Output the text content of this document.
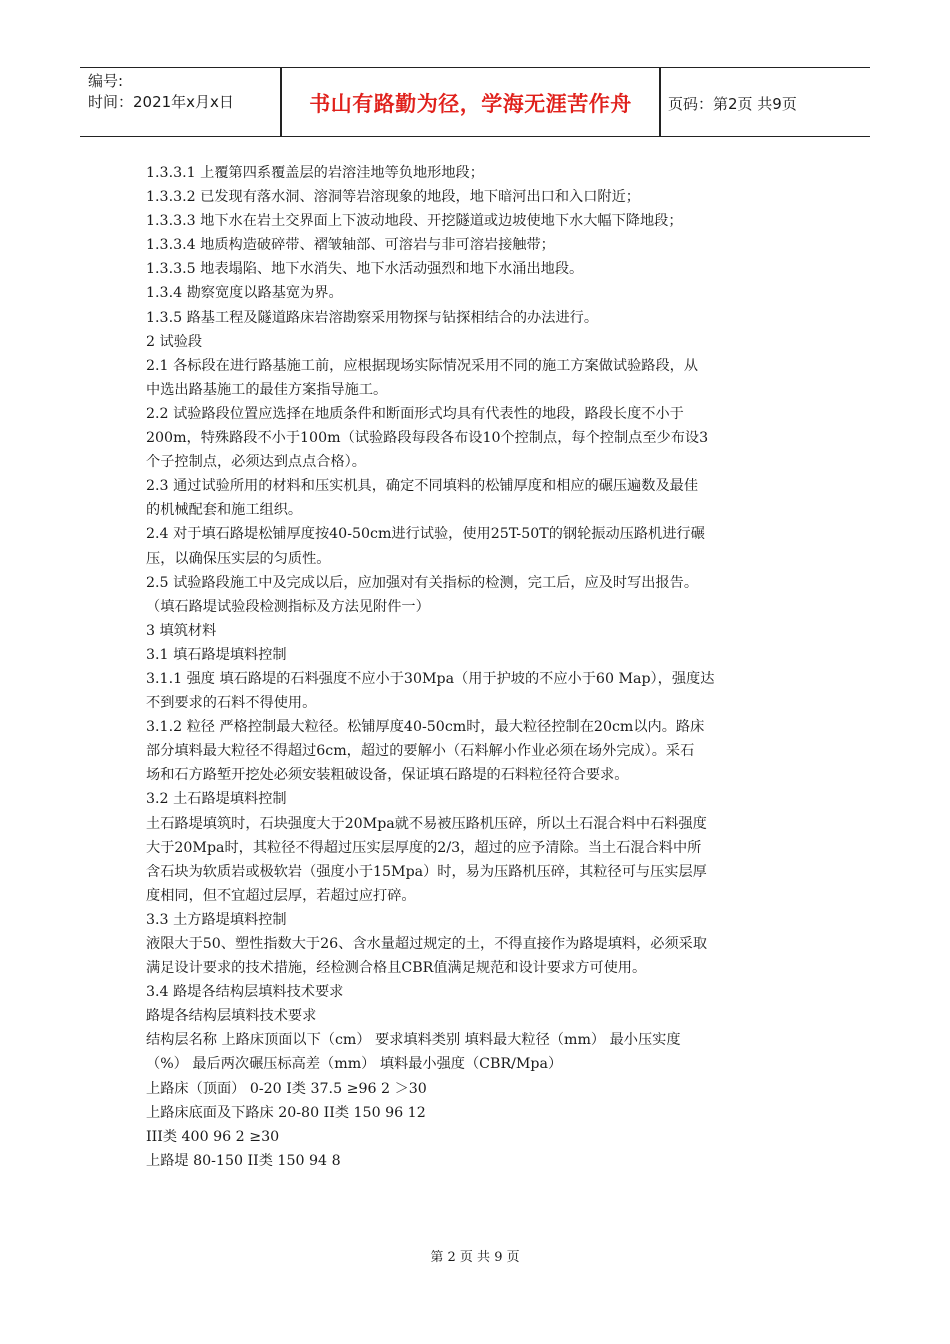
编号:
时间：2021年x月x日	书山有路勤为径，学海无涯苦作舟	页码：第2页 共9页

1.3.3.1 上覆第四系覆盖层的岩溶洼地等负地形地段；

1.3.3.2 已发现有落水洞、溶洞等岩溶现象的地段，地下暗河出口和入口附近；

1.3.3.3 地下水在岩土交界面上下波动地段、开挖隧道或边坡使地下水大幅下降地段；

1.3.3.4 地质构造破碎带、褶皱轴部、可溶岩与非可溶岩接触带；

1.3.3.5 地表塌陷、地下水消失、地下水活动强烈和地下水涌出地段。

1.3.4 勘察宽度以路基宽为界。

1.3.5 路基工程及隧道路床岩溶勘察采用物探与钻探相结合的办法进行。

2 试验段

2.1 各标段在进行路基施工前，应根据现场实际情况采用不同的施工方案做试验路段，从

中选出路基施工的最佳方案指导施工。

2.2 试验路段位置应选择在地质条件和断面形式均具有代表性的地段，路段长度不小于

200m，特殊路段不小于100m（试验路段每段各布设10个控制点，每个控制点至少布设3

个子控制点，必须达到点点合格）。

2.3 通过试验所用的材料和压实机具，确定不同填料的松铺厚度和相应的碾压遍数及最佳

的机械配套和施工组织。

2.4 对于填石路堤松铺厚度按40-50cm进行试验，使用25T-50T的钢轮振动压路机进行碾

压，以确保压实层的匀质性。

2.5 试验路段施工中及完成以后，应加强对有关指标的检测，完工后，应及时写出报告。

（填石路堤试验段检测指标及方法见附件一）

3 填筑材料

3.1 填石路堤填料控制

3.1.1 强度 填石路堤的石料强度不应小于30Mpa（用于护坡的不应小于60 Map），强度达

不到要求的石料不得使用。

3.1.2 粒径 严格控制最大粒径。松铺厚度40-50cm时，最大粒径控制在20cm以内。路床

部分填料最大粒径不得超过6cm，超过的要解小（石料解小作业必须在场外完成）。采石

场和石方路堑开挖处必须安装粗破设备，保证填石路堤的石料粒径符合要求。

3.2 土石路堤填料控制

土石路堤填筑时，石块强度大于20Mpa就不易被压路机压碎，所以土石混合料中石料强度

大于20Mpa时，其粒径不得超过压实层厚度的2/3，超过的应予清除。当土石混合料中所

含石块为软质岩或极软岩（强度小于15Mpa）时，易为压路机压碎，其粒径可与压实层厚

度相同，但不宜超过层厚，若超过应打碎。

3.3 土方路堤填料控制

液限大于50、塑性指数大于26、含水量超过规定的土，不得直接作为路堤填料，必须采取

满足设计要求的技术措施，经检测合格且CBR值满足规范和设计要求方可使用。

3.4 路堤各结构层填料技术要求

路堤各结构层填料技术要求

结构层名称 上路床顶面以下（cm） 要求填料类别 填料最大粒径（mm） 最小压实度

（%） 最后两次碾压标高差（mm） 填料最小强度（CBR/Mpa）

上路床（顶面） 0-20 I类 37.5 ≥96 2 ＞30

上路床底面及下路床 20-80 II类 150 96 12

III类 400 96 2 ≥30

上路堤 80-150 II类 150 94 8

第 2 页 共 9 页
